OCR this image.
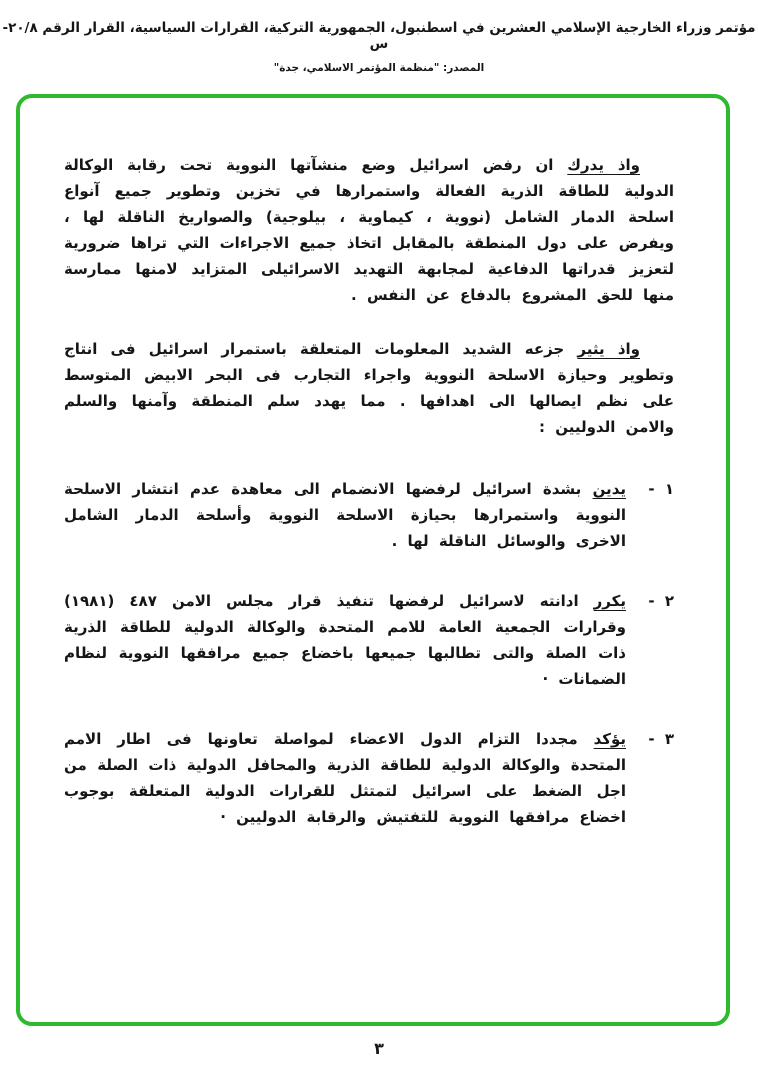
مؤتمر وزراء الخارجية الإسلامي العشرين في اسطنبول، الجمهورية التركية، القرارات السياسية، القرار الرقم ٢٠/٨-س
المصدر: "منظمة المؤتمر الاسلامي، جدة"

واذ يدرك ان رفض اسرائيل وضع منشآتها النووية تحت رقابة الوكالة الدولية للطاقة الذرية الفعالة واستمرارها في تخزين وتطوير جميع آنواع اسلحة الدمار الشامل (نووية ، كيماوية ، بيلوجية) والصواريخ الناقلة لها ، ويفرض على دول المنطقة بالمقابل اتخاذ جميع الاجراءات التي تراها ضرورية لتعزيز قدراتها الدفاعية لمجابهة التهديد الاسرائيلى المتزايد لامنها ممارسة منها للحق المشروع بالدفاع عن النفس .

واذ يثير جزعه الشديد المعلومات المتعلقة باستمرار اسرائيل فى انتاج وتطوير وحيازة الاسلحة النووية واجراء التجارب فى البحر الابيض المتوسط على نظم ايصالها الى اهدافها . مما يهدد سلم المنطقة وآمنها والسلم والامن الدوليين :

١ -
يدين بشدة اسرائيل لرفضها الانضمام الى معاهدة عدم انتشار الاسلحة النووية واستمرارها بحيازة الاسلحة النووية وأسلحة الدمار الشامل الاخرى والوسائل الناقلة لها .
٢ -
يكرر ادانته لاسرائيل لرفضها تنفيذ قرار مجلس الامن ٤٨٧ (١٩٨١) وقرارات الجمعية العامة للامم المتحدة والوكالة الدولية للطاقة الذرية ذات الصلة والتى تطالبها جميعها باخضاع جميع مرافقها النووية لنظام الضمانات ·
٣ -
يؤكد مجددا التزام الدول الاعضاء لمواصلة تعاونها فى اطار الامم المتحدة والوكالة الدولية للطاقة الذرية والمحافل الدولية ذات الصلة من اجل الضغط على اسرائيل لتمتثل للقرارات الدولية المتعلقة بوجوب اخضاع مرافقها النووية للتفتيش والرقابة الدوليين ·
٣
